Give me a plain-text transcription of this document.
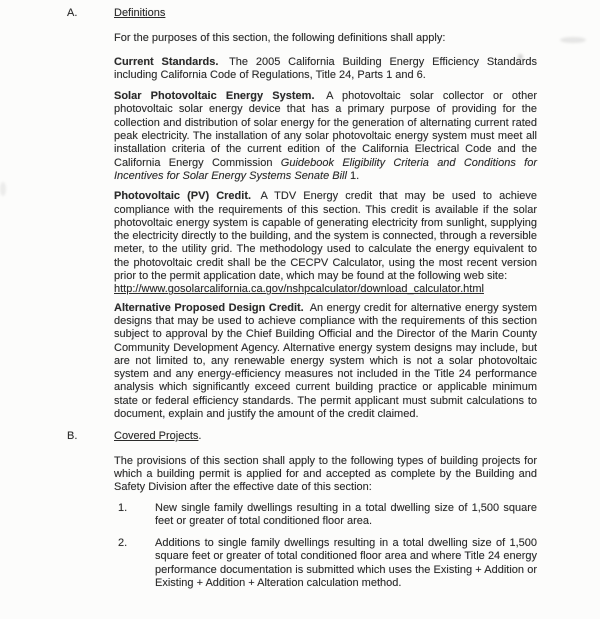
A.	Definitions

For the purposes of this section, the following definitions shall apply:

Current Standards. The 2005 California Building Energy Efficiency Standards including California Code of Regulations, Title 24, Parts 1 and 6.

Solar Photovoltaic Energy System. A photovoltaic solar collector or other photovoltaic solar energy device that has a primary purpose of providing for the collection and distribution of solar energy for the generation of alternating current rated peak electricity. The installation of any solar photovoltaic energy system must meet all installation criteria of the current edition of the California Electrical Code and the California Energy Commission Guidebook Eligibility Criteria and Conditions for Incentives for Solar Energy Systems Senate Bill 1.

Photovoltaic (PV) Credit. A TDV Energy credit that may be used to achieve compliance with the requirements of this section. This credit is available if the solar photovoltaic energy system is capable of generating electricity from sunlight, supplying the electricity directly to the building, and the system is connected, through a reversible meter, to the utility grid. The methodology used to calculate the energy equivalent to the photovoltaic credit shall be the CECPV Calculator, using the most recent version prior to the permit application date, which may be found at the following web site:
http://www.gosolarcalifornia.ca.gov/nshpcalculator/download_calculator.html

Alternative Proposed Design Credit. An energy credit for alternative energy system designs that may be used to achieve compliance with the requirements of this section subject to approval by the Chief Building Official and the Director of the Marin County Community Development Agency. Alternative energy system designs may include, but are not limited to, any renewable energy system which is not a solar photovoltaic system and any energy-efficiency measures not included in the Title 24 performance analysis which significantly exceed current building practice or applicable minimum state or federal efficiency standards. The permit applicant must submit calculations to document, explain and justify the amount of the credit claimed.

B.	Covered Projects.

The provisions of this section shall apply to the following types of building projects for which a building permit is applied for and accepted as complete by the Building and Safety Division after the effective date of this section:

1.	New single family dwellings resulting in a total dwelling size of 1,500 square feet or greater of total conditioned floor area.
2.	Additions to single family dwellings resulting in a total dwelling size of 1,500 square feet or greater of total conditioned floor area and where Title 24 energy performance documentation is submitted which uses the Existing + Addition or Existing + Addition + Alteration calculation method.
